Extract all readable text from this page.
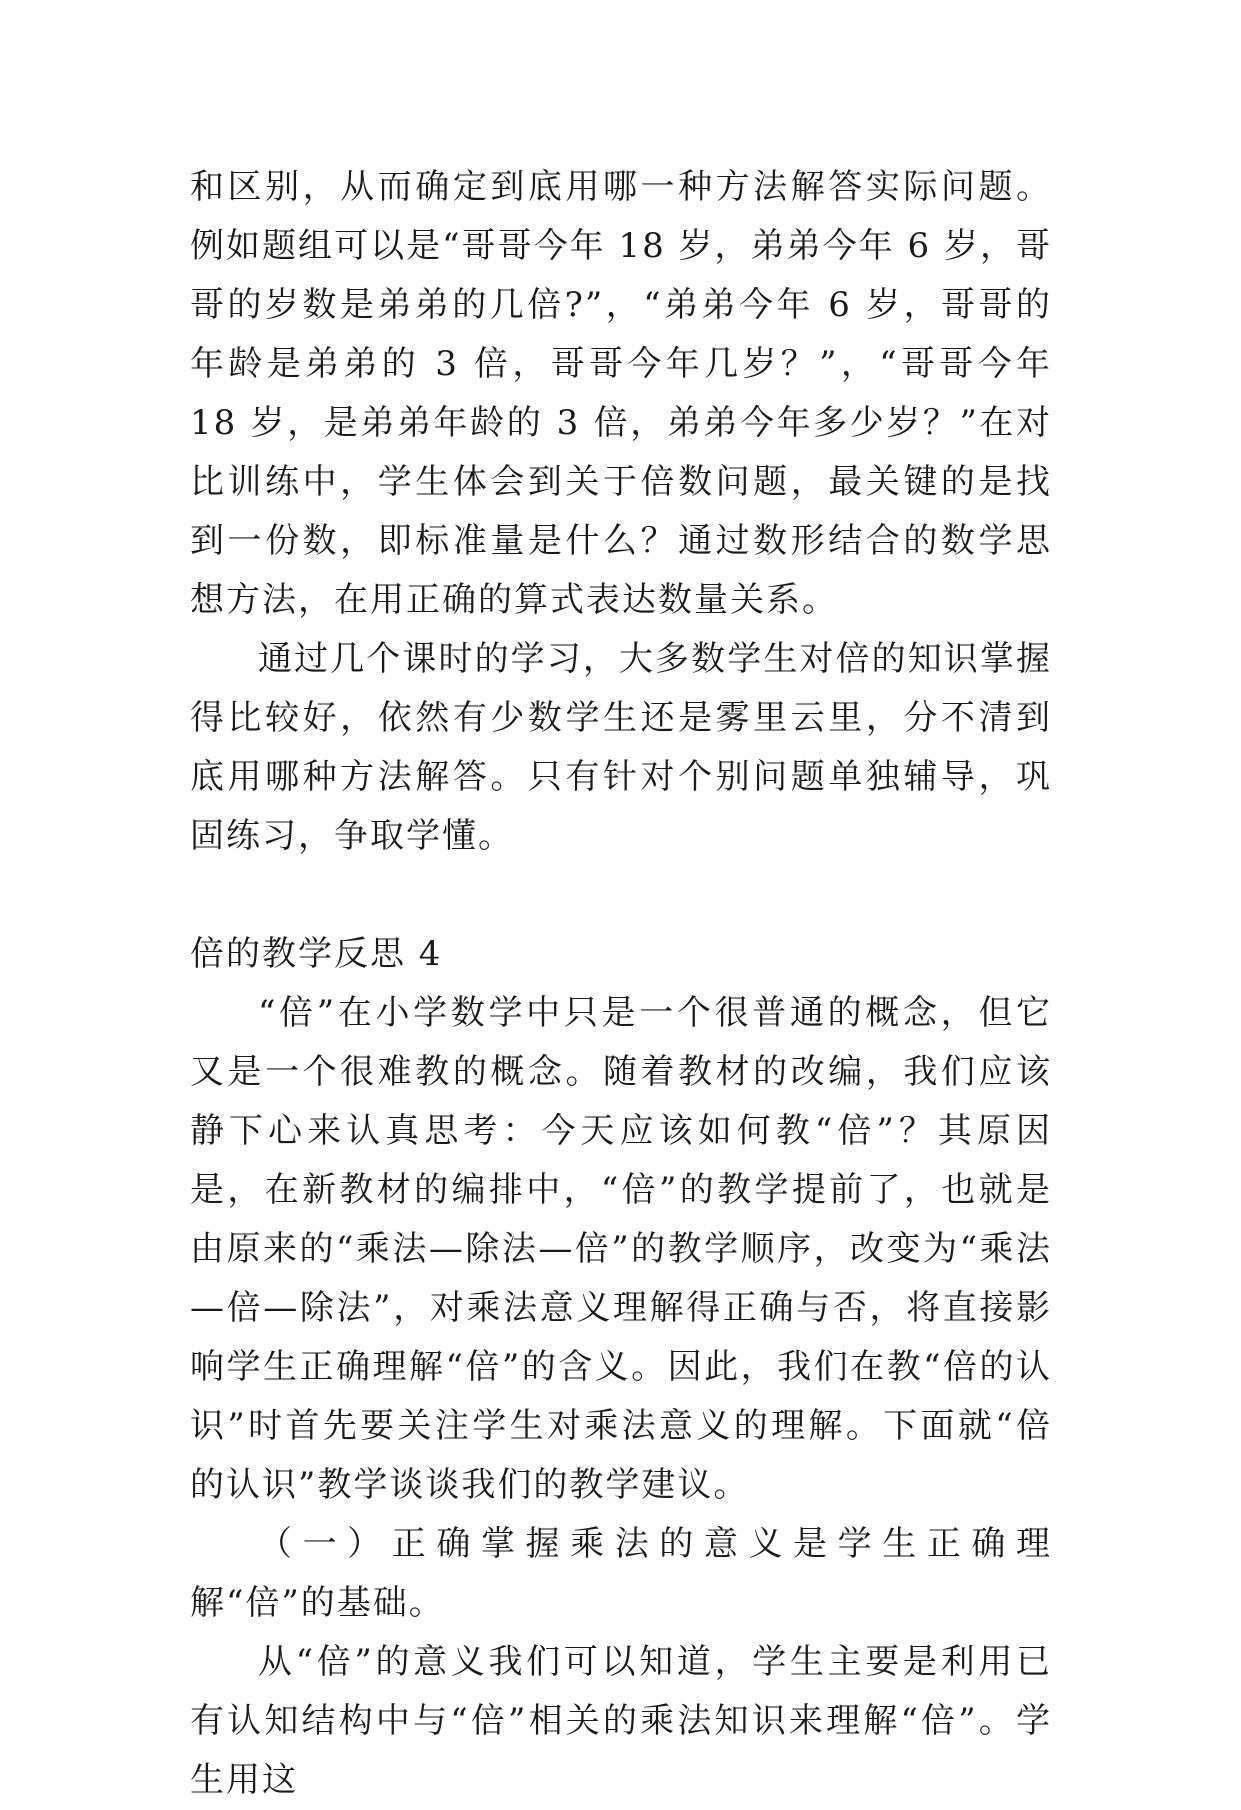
和区别，从而确定到底用哪一种方法解答实际问题。例如题组可以是“哥哥今年 18 岁，弟弟今年 6 岁，哥哥的岁数是弟弟的几倍?”，“弟弟今年 6 岁，哥哥的年龄是弟弟的 3 倍，哥哥今年几岁？”，“哥哥今年 18 岁，是弟弟年龄的 3 倍，弟弟今年多少岁？”在对比训练中，学生体会到关于倍数问题，最关键的是找到一份数，即标准量是什么？通过数形结合的数学思想方法，在用正确的算式表达数量关系。

通过几个课时的学习，大多数学生对倍的知识掌握得比较好，依然有少数学生还是雾里云里，分不清到底用哪种方法解答。只有针对个别问题单独辅导，巩固练习，争取学懂。

倍的教学反思 4

“倍”在小学数学中只是一个很普通的概念，但它又是一个很难教的概念。随着教材的改编，我们应该静下心来认真思考：今天应该如何教“倍”？其原因是，在新教材的编排中，“倍”的教学提前了，也就是由原来的“乘法—除法—倍”的教学顺序，改变为“乘法—倍—除法”，对乘法意义理解得正确与否，将直接影响学生正确理解“倍”的含义。因此，我们在教“倍的认识”时首先要关注学生对乘法意义的理解。下面就“倍的认识”教学谈谈我们的教学建议。

（一）正确掌握乘法的意义是学生正确理解“倍”的基础。

从“倍”的意义我们可以知道，学生主要是利用已有认知结构中与“倍”相关的乘法知识来理解“倍”。学生用这
